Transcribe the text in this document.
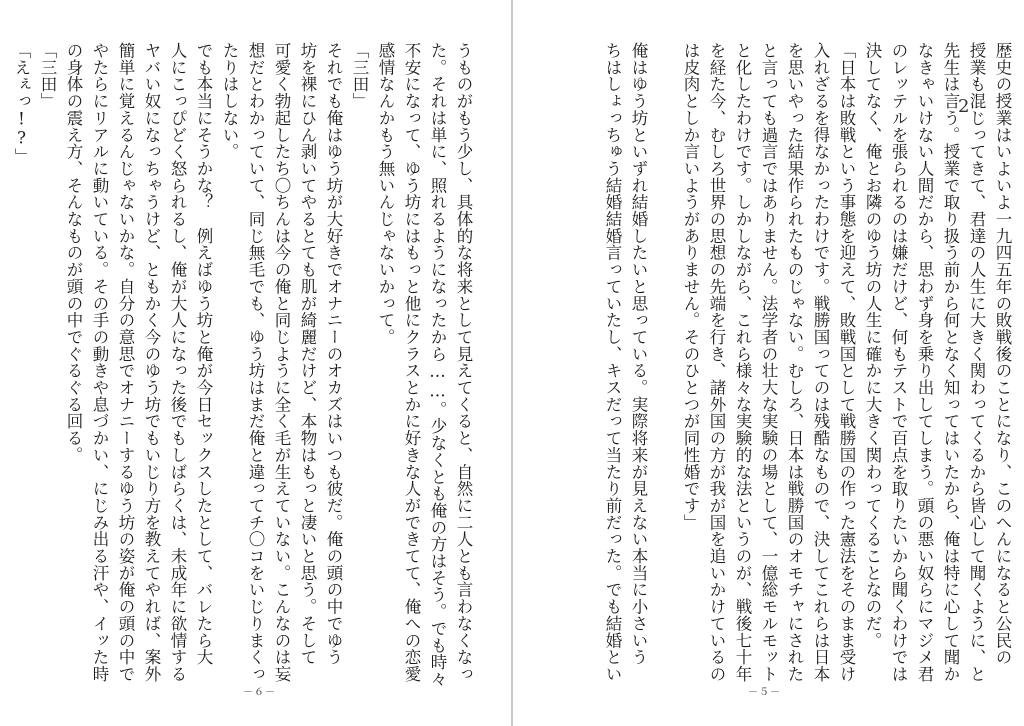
うものがもう少し、具体的な将来として見えてくると、自然に二人とも言わなくなっ
た。それは単に、照れるようになったから……。少なくとも俺の方はそう。でも時々
不安になって、ゆう坊にはもっと他にクラスとかに好きな人ができてて、俺への恋愛
感情なんかもう無いんじゃないかって。
「三田」
それでも俺はゆう坊が大好きでオナニーのオカズはいつも彼だ。俺の頭の中でゆう
坊を裸にひん剥いてやるとても肌が綺麗だけど、本物はもっと凄いと思う。そして
可愛く勃起したち〇ちんは今の俺と同じように全く毛が生えていない。こんなのは妄
想だとわかっていて、同じ無毛でも、ゆう坊はまだ俺と違ってチ〇コをいじりまくっ
たりはしない。
でも本当にそうかな？　例えばゆう坊と俺が今日セックスしたとして、バレたら大
人にこっぴどく怒られるし、俺が大人になった後でもしばらくは、未成年に欲情する
ヤバい奴になっちゃうけど、ともかく今のゆう坊でもいじり方を教えてやれば、案外
簡単に覚えるんじゃないかな。自分の意思でオナニーするゆう坊の姿が俺の頭の中で
やたらにリアルに動いている。その手の動きや息づかい、にじみ出る汗や、イッた時
の身体の震え方、そんなものが頭の中でぐるぐる回る。
「三田」
「えぇっ!?」
－６－
歴史の授業はいよいよ一九四五年の敗戦後のことになり、このへんになると公民の
授業も混じってきて、君達の人生に大きく関わってくるから皆心して聞くように、と
先生は言う。授業で取り扱う前から何となく知ってはいたから、俺は特に心して聞か
なきゃいけない人間だから、思わず身を乗り出してしまう。頭の悪い奴らにマジメ君
のレッテルを張られるのは嫌だけど、何もテストで百点を取りたいから聞くわけでは
決してなく、俺とお隣のゆう坊の人生に確かに大きく関わってくることなのだ。
「日本は敗戦という事態を迎えて、敗戦国として戦勝国の作った憲法をそのまま受け
入れざるを得なかったわけです。戦勝国ってのは残酷なもので、決してこれらは日本
を思いやった結果作られたものじゃない。むしろ、日本は戦勝国のオモチャにされた
と言っても過言ではありません。法学者の壮大な実験の場として、一億総モルモット
と化したわけです。しかしながら、これら様々な実験的な法というのが、戦後七十年
を経た今、むしろ世界の思想の先端を行き、諸外国の方が我が国を追いかけているの
は皮肉としか言いようがありません。そのひとつが同性婚です」

俺はゆう坊といずれ結婚したいと思っている。実際将来が見えない本当に小さいう
ちはしょっちゅう結婚結婚言っていたし、キスだって当たり前だった。でも結婚とい
－５－
2
